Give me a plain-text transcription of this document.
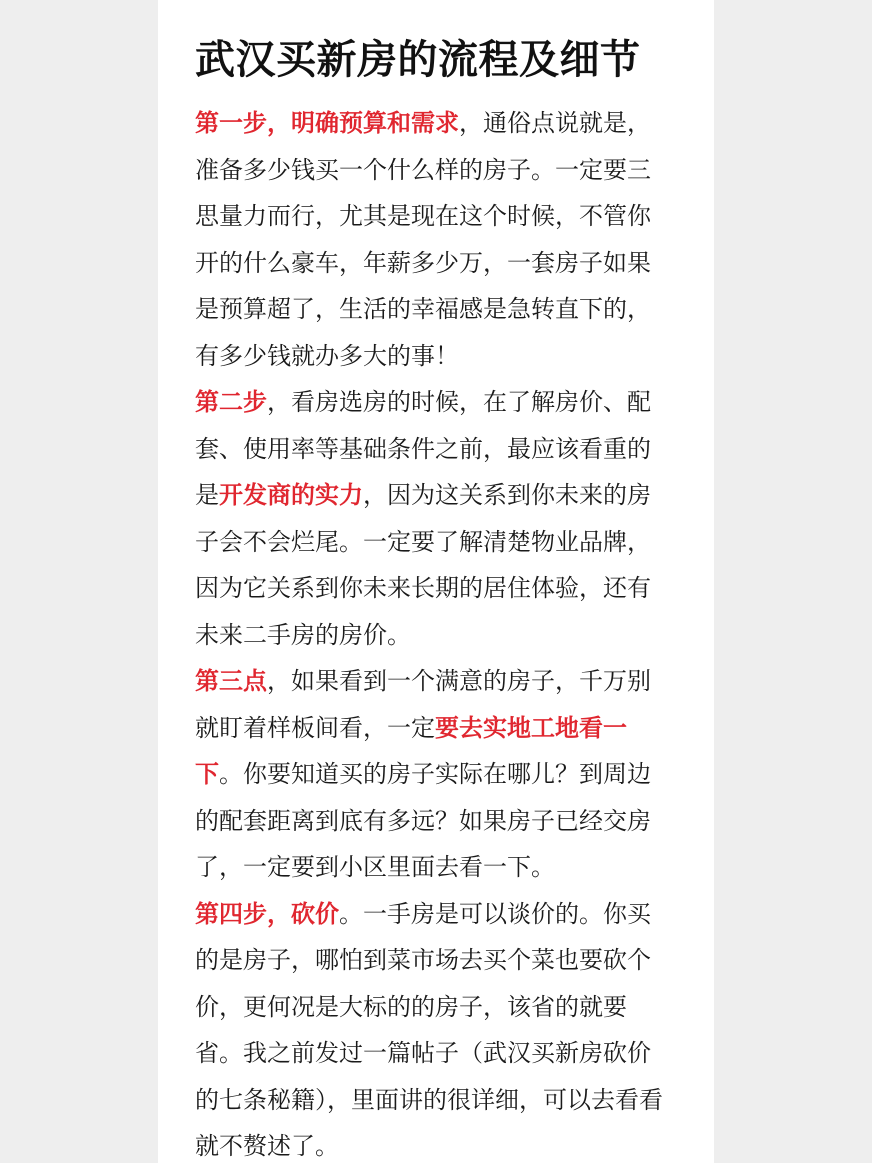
武汉买新房的流程及细节

第一步，明确预算和需求，通俗点说就是，准备多少钱买一个什么样的房子。一定要三思量力而行，尤其是现在这个时候，不管你开的什么豪车，年薪多少万，一套房子如果是预算超了，生活的幸福感是急转直下的，有多少钱就办多大的事！

第二步，看房选房的时候，在了解房价、配套、使用率等基础条件之前，最应该看重的是开发商的实力，因为这关系到你未来的房子会不会烂尾。一定要了解清楚物业品牌，因为它关系到你未来长期的居住体验，还有未来二手房的房价。

第三点，如果看到一个满意的房子，千万别就盯着样板间看，一定要去实地工地看一下。你要知道买的房子实际在哪儿？到周边的配套距离到底有多远？如果房子已经交房了，一定要到小区里面去看一下。

第四步，砍价。一手房是可以谈价的。你买的是房子，哪怕到菜市场去买个菜也要砍个价，更何况是大标的的房子，该省的就要省。我之前发过一篇帖子（武汉买新房砍价的七条秘籍），里面讲的很详细，可以去看看就不赘述了。
